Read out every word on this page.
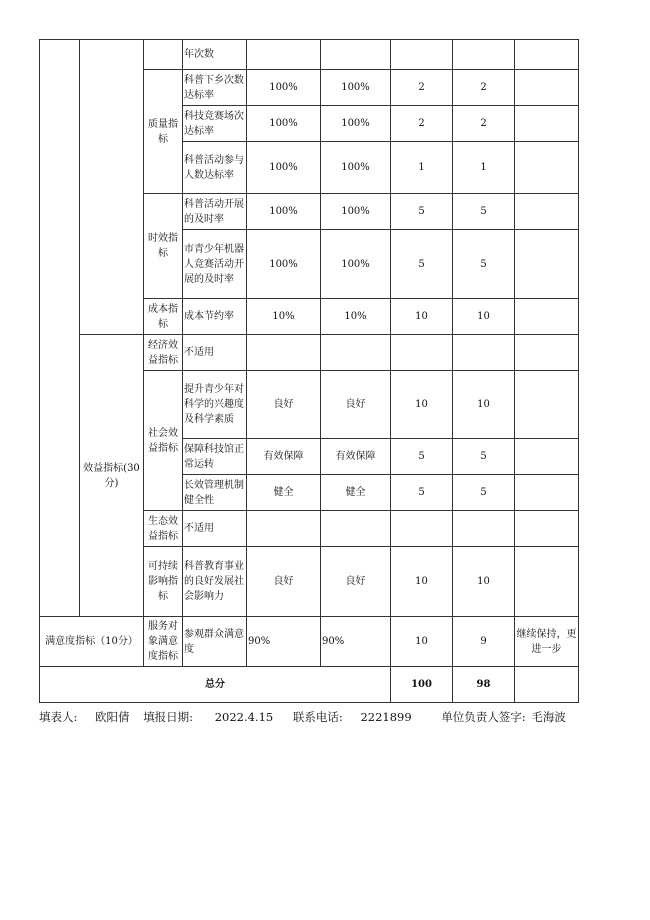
			年次数					
		质量指标	科普下乡次数达标率	100%	100%	2	2	
			科技竞赛场次达标率	100%	100%	2	2	
			科普活动参与人数达标率	100%	100%	1	1	
		时效指标	科普活动开展的及时率	100%	100%	5	5	
			市青少年机器人竞赛活动开展的及时率	100%	100%	5	5	
		成本指标	成本节约率	10%	10%	10	10	
	效益指标(30分)	经济效益指标	不适用					
		社会效益指标	提升青少年对科学的兴趣度及科学素质	良好	良好	10	10	
			保障科技馆正常运转	有效保障	有效保障	5	5	
			长效管理机制健全性	健全	健全	5	5	
		生态效益指标	不适用					
		可持续影响指标	科普教育事业的良好发展社会影响力	良好	良好	10	10	
满意度指标（10分）		服务对象满意度指标	参观群众满意度	90%	90%	10	9	继续保持，更进一步
总分						100	98	
填表人: 欧阳倩 填报日期: 2022.4.15 联系电话: 2221899	单位负责人签字: 毛海波
